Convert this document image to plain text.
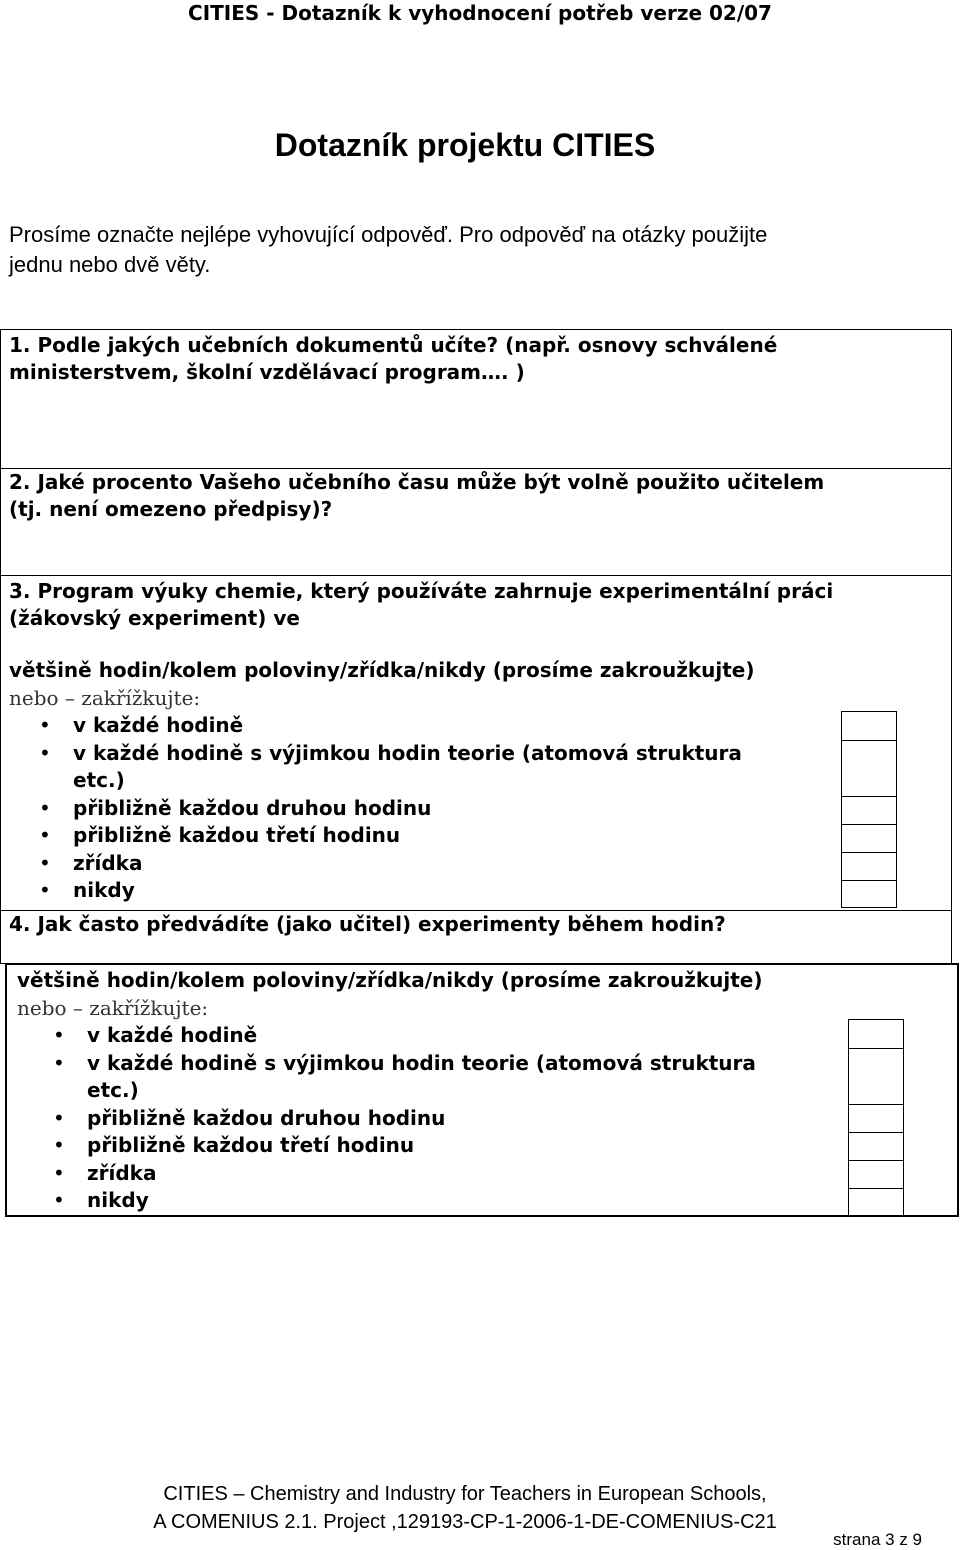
CITIES - Dotazník k vyhodnocení potřeb verze 02/07
Dotazník projektu CITIES
Prosíme označte nejlépe vyhovující odpověď. Pro odpověď na otázky použijte
jednu nebo dvě věty.
1. Podle jakých učebních dokumentů učíte? (např. osnovy schválené
ministerstvem, školní vzdělávací program…. )
2. Jaké procento Vašeho učebního času může být volně použito učitelem
(tj. není omezeno předpisy)?
3. Program výuky chemie, který používáte zahrnuje experimentální práci
(žákovský experiment) ve
většině hodin/kolem poloviny/zřídka/nikdy (prosíme zakroužkujte)
nebo – zakřížkujte:
• v každé hodině
• v každé hodině s výjimkou hodin teorie (atomová struktura etc.)
• přibližně každou druhou hodinu
• přibližně každou třetí hodinu
• zřídka
• nikdy
4. Jak často předvádíte (jako učitel) experimenty během hodin?
většině hodin/kolem poloviny/zřídka/nikdy (prosíme zakroužkujte)
nebo – zakřížkujte:
• v každé hodině
• v každé hodině s výjimkou hodin teorie (atomová struktura etc.)
• přibližně každou druhou hodinu
• přibližně každou třetí hodinu
• zřídka
• nikdy
CITIES – Chemistry and Industry for Teachers in European Schools,
A COMENIUS 2.1. Project ,129193-CP-1-2006-1-DE-COMENIUS-C21
strana 3 z 9
